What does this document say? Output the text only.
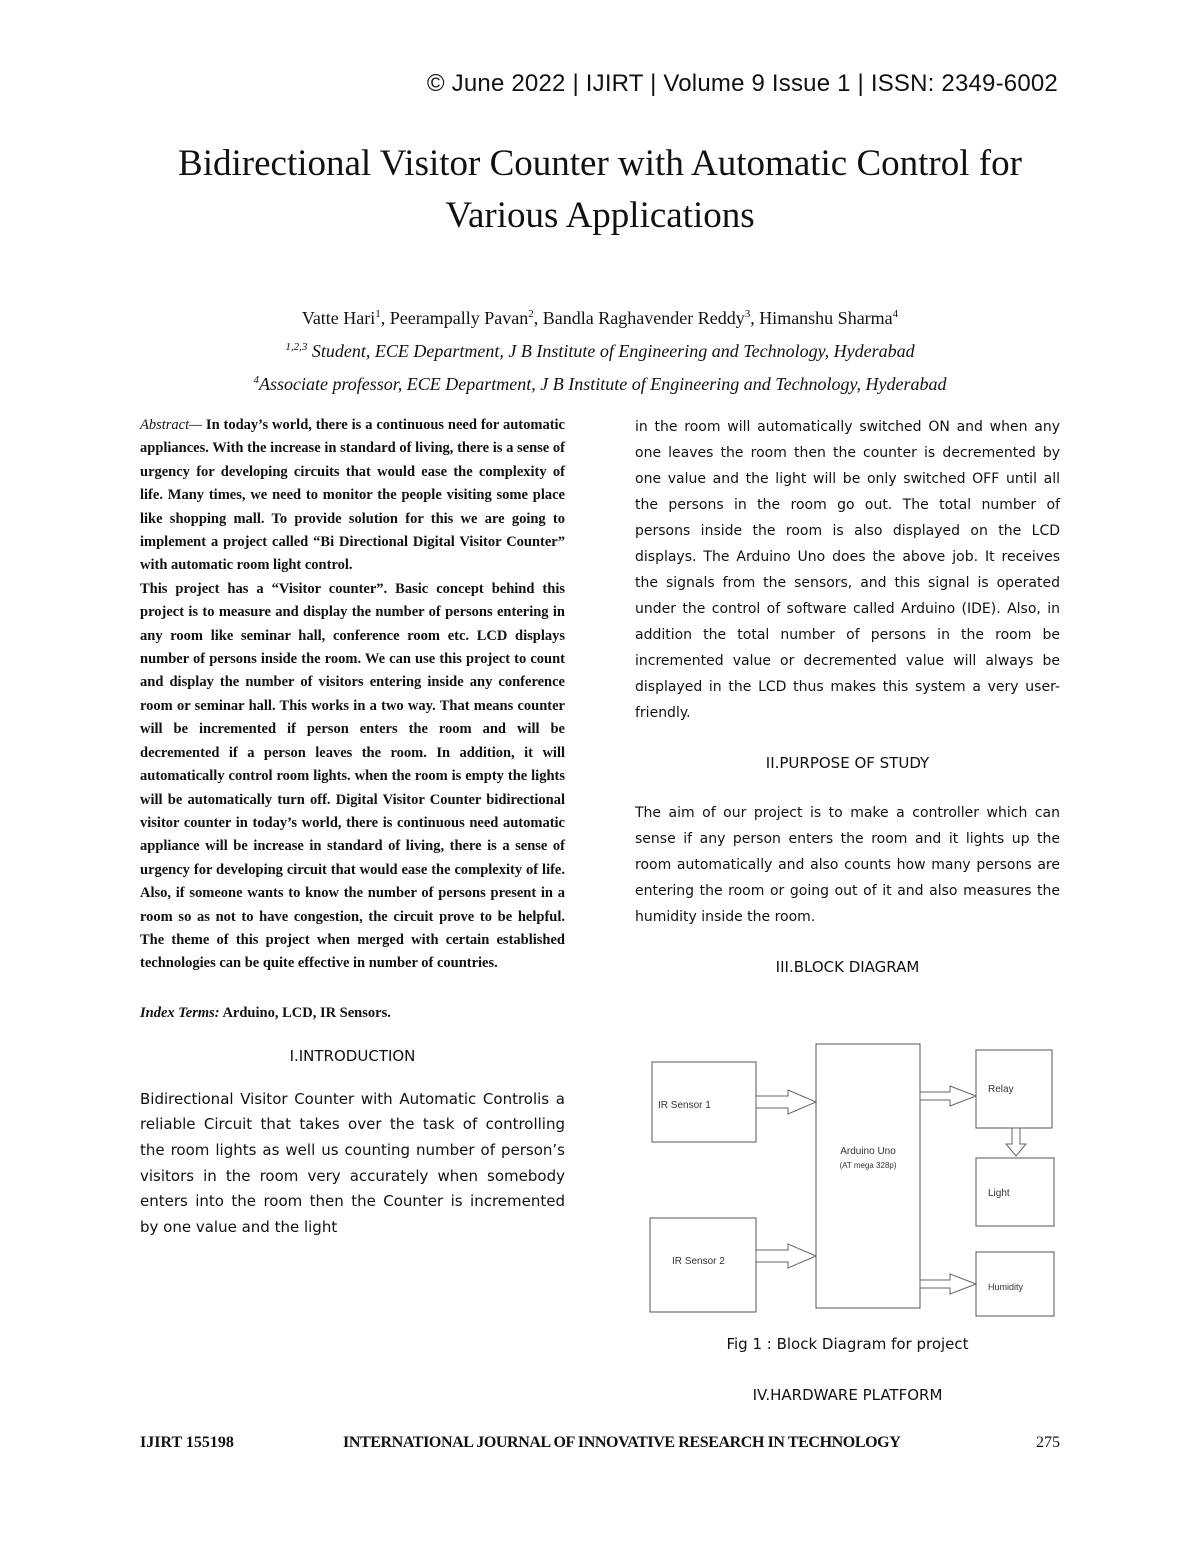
© June 2022 | IJIRT | Volume 9 Issue 1 | ISSN: 2349-6002
Bidirectional Visitor Counter with Automatic Control for
Various Applications
Vatte Hari$^1$, Peerampally Pavan$^2$, Bandla Raghavender Reddy$^3$, Himanshu Sharma$^4$
$^{1,2,3}$ Student, ECE Department, J B Institute of Engineering and Technology, Hyderabad
$^4$Associate professor, ECE Department, J B Institute of Engineering and Technology, Hyderabad

Abstract— In today’s world, there is a continuous need for automatic appliances. With the increase in standard of living, there is a sense of urgency for developing circuits that would ease the complexity of life. Many times, we need to monitor the people visiting some place like shopping mall. To provide solution for this we are going to implement a project called “Bi Directional Digital Visitor Counter” with automatic room light control.

This project has a “Visitor counter”. Basic concept behind this project is to measure and display the number of persons entering in any room like seminar hall, conference room etc. LCD displays number of persons inside the room. We can use this project to count and display the number of visitors entering inside any conference room or seminar hall. This works in a two way. That means counter will be incremented if person enters the room and will be decremented if a person leaves the room. In addition, it will automatically control room lights. when the room is empty the lights will be automatically turn off. Digital Visitor Counter bidirectional visitor counter in today’s world, there is continuous need automatic appliance will be increase in standard of living, there is a sense of urgency for developing circuit that would ease the complexity of life. Also, if someone wants to know the number of persons present in a room so as not to have congestion, the circuit prove to be helpful. The theme of this project when merged with certain established technologies can be quite effective in number of countries.

Index Terms: Arduino, LCD, IR Sensors.

I.INTRODUCTION

Bidirectional Visitor Counter with Automatic Controlis a reliable Circuit that takes over the task of controlling the room lights as well us counting number of person’s visitors in the room very accurately when somebody enters into the room then the Counter is incremented by one value and the light

in the room will automatically switched ON and when any one leaves the room then the counter is decremented by one value and the light will be only switched OFF until all the persons in the room go out. The total number of persons inside the room is also displayed on the LCD displays. The Arduino Uno does the above job. It receives the signals from the sensors, and this signal is operated under the control of software called Arduino (IDE). Also, in addition the total number of persons in the room be incremented value or decremented value will always be displayed in the LCD thus makes this system a very user-friendly.

II.PURPOSE OF STUDY

The aim of our project is to make a controller which can sense if any person enters the room and it lights up the room automatically and also counts how many persons are entering the room or going out of it and also measures the humidity inside the room.

III.BLOCK DIAGRAM
IR Sensor 1
IR Sensor 2
Arduino Uno
(AT mega 328p)
Relay
Light
Humidity
Fig 1 : Block Diagram for project
IV.HARDWARE PLATFORM
IJIRT 155198	INTERNATIONAL JOURNAL OF INNOVATIVE RESEARCH IN TECHNOLOGY	275
